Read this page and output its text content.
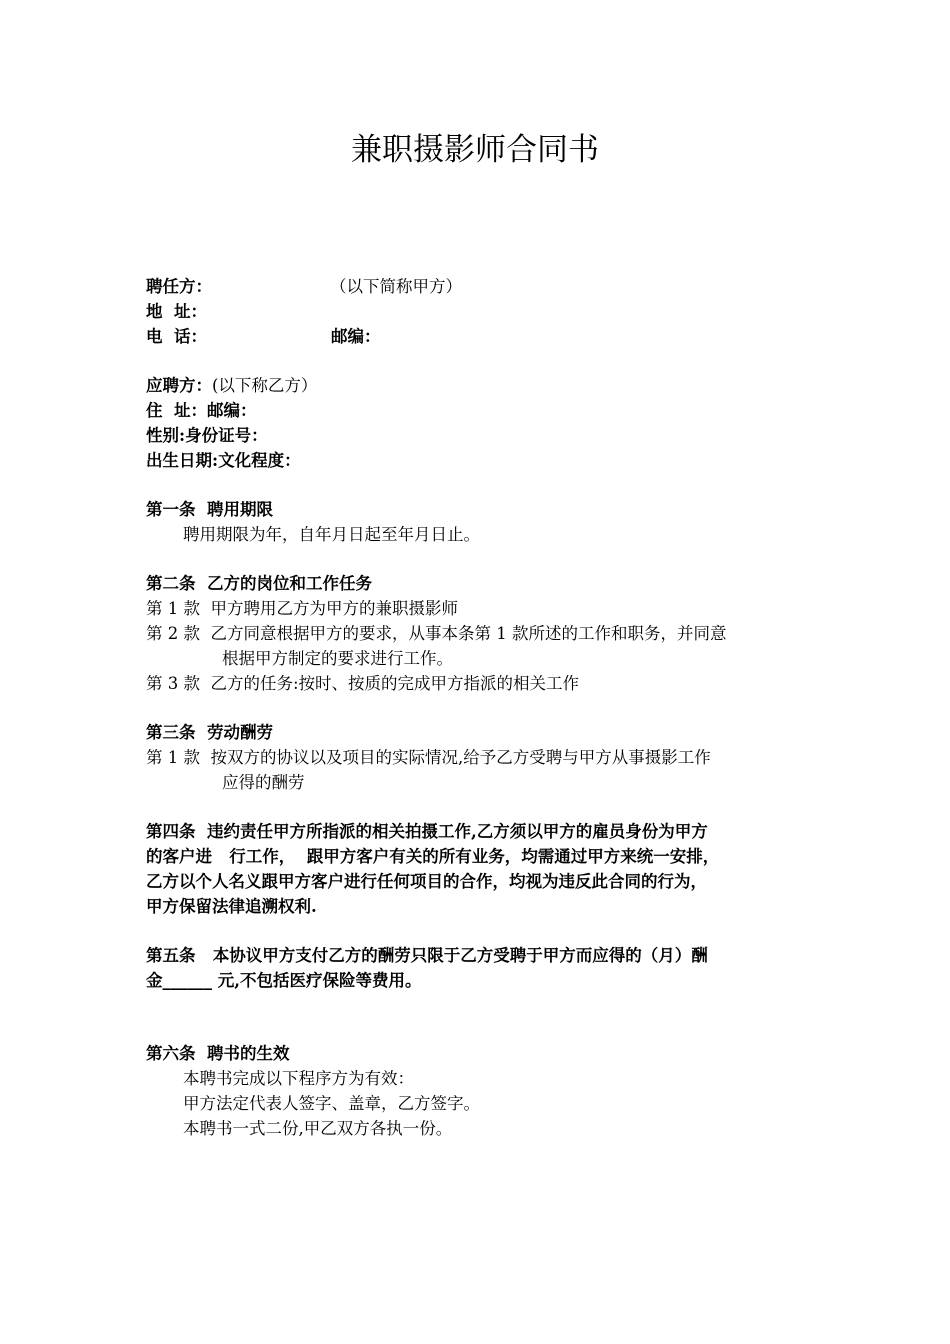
兼职摄影师合同书
聘任方：	（以下简称甲方）
地  址：
电  话：	邮编：
应聘方：(以下称乙方）
住  址：邮编：
性别:身份证号：
出生日期:文化程度：
第一条  聘用期限
聘用期限为年，自年月日起至年月日止。
第二条  乙方的岗位和工作任务
第 1 款 甲方聘用乙方为甲方的兼职摄影师
第 2 款 乙方同意根据甲方的要求，从事本条第 1 款所述的工作和职务，并同意
根据甲方制定的要求进行工作。
第 3 款 乙方的任务:按时、按质的完成甲方指派的相关工作
第三条  劳动酬劳
第 1 款 按双方的协议以及项目的实际情况,给予乙方受聘与甲方从事摄影工作
应得的酬劳
第四条  违约责任甲方所指派的相关拍摄工作,乙方须以甲方的雇员身份为甲方
的客户进   行工作，  跟甲方客户有关的所有业务，均需通过甲方来统一安排，
乙方以个人名义跟甲方客户进行任何项目的合作，均视为违反此合同的行为，
甲方保留法律追溯权利.
第五条   本协议甲方支付乙方的酬劳只限于乙方受聘于甲方而应得的（月）酬
金______ 元,不包括医疗保险等费用。
第六条  聘书的生效
本聘书完成以下程序方为有效：
甲方法定代表人签字、盖章，乙方签字。
本聘书一式二份,甲乙双方各执一份。
